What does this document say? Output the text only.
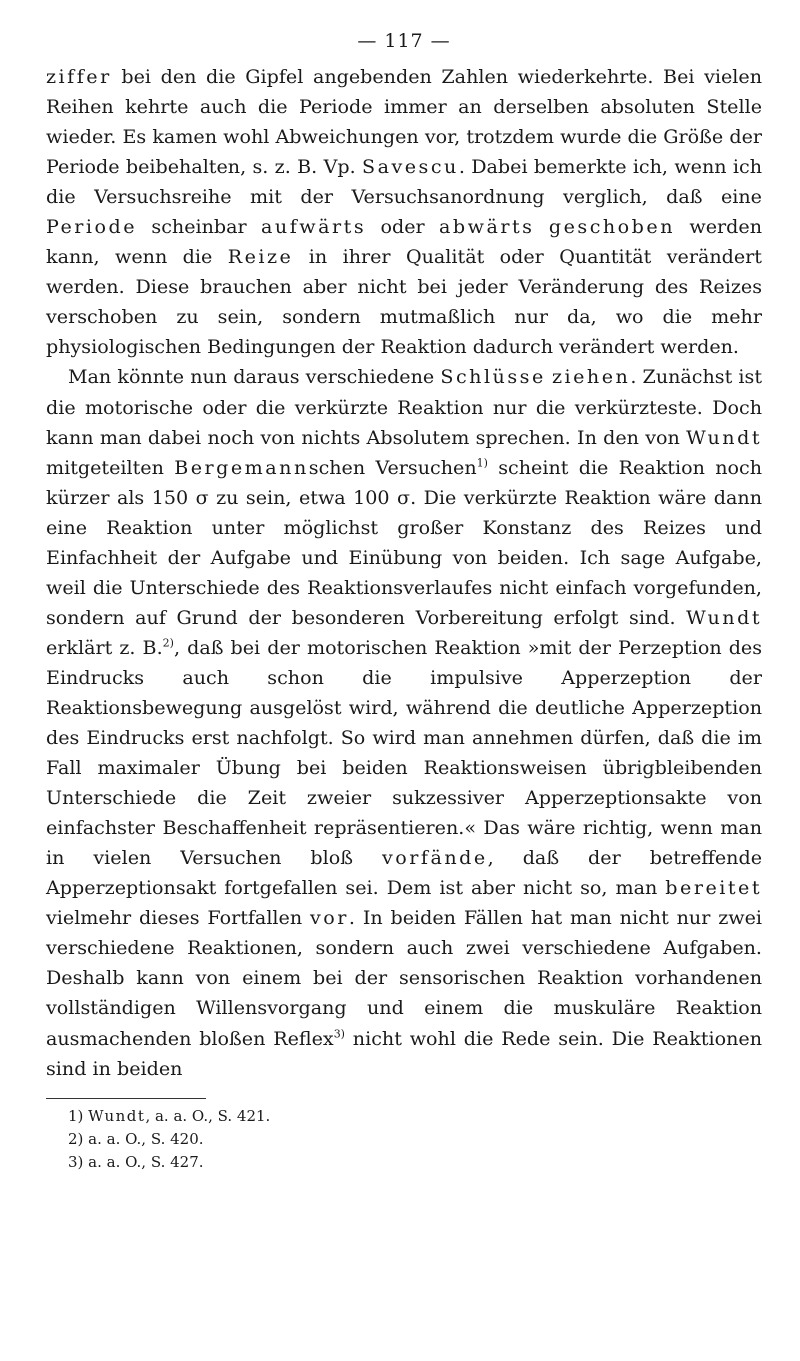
— 117 —

ziffer bei den die Gipfel angebenden Zahlen wiederkehrte. Bei vielen Reihen kehrte auch die Periode immer an derselben absoluten Stelle wieder. Es kamen wohl Abweichungen vor, trotzdem wurde die Größe der Periode beibehalten, s. z. B. Vp. Savescu. Dabei bemerkte ich, wenn ich die Versuchsreihe mit der Versuchsanordnung verglich, daß eine Periode scheinbar aufwärts oder abwärts geschoben werden kann, wenn die Reize in ihrer Qualität oder Quantität verändert werden. Diese brauchen aber nicht bei jeder Veränderung des Reizes verschoben zu sein, sondern mutmaßlich nur da, wo die mehr physiologischen Bedingungen der Reaktion dadurch verändert werden.

Man könnte nun daraus verschiedene Schlüsse ziehen. Zunächst ist die motorische oder die verkürzte Reaktion nur die verkürzteste. Doch kann man dabei noch von nichts Absolutem sprechen. In den von Wundt mitgeteilten Bergemannschen Versuchen$^{1)}$ scheint die Reaktion noch kürzer als 150 σ zu sein, etwa 100 σ. Die verkürzte Reaktion wäre dann eine Reaktion unter möglichst großer Konstanz des Reizes und Einfachheit der Aufgabe und Einübung von beiden. Ich sage Aufgabe, weil die Unterschiede des Reaktionsverlaufes nicht einfach vorgefunden, sondern auf Grund der besonderen Vorbereitung erfolgt sind. Wundt erklärt z. B.$^{2)}$, daß bei der motorischen Reaktion »mit der Perzeption des Eindrucks auch schon die impulsive Apperzeption der Reaktionsbewegung ausgelöst wird, während die deutliche Apperzeption des Eindrucks erst nachfolgt. So wird man annehmen dürfen, daß die im Fall maximaler Übung bei beiden Reaktionsweisen übrigbleibenden Unterschiede die Zeit zweier sukzessiver Apperzeptionsakte von einfachster Beschaffenheit repräsentieren.« Das wäre richtig, wenn man in vielen Versuchen bloß vorfände, daß der betreffende Apperzeptionsakt fortgefallen sei. Dem ist aber nicht so, man bereitet vielmehr dieses Fortfallen vor. In beiden Fällen hat man nicht nur zwei verschiedene Reaktionen, sondern auch zwei verschiedene Aufgaben. Deshalb kann von einem bei der sensorischen Reaktion vorhandenen vollständigen Willensvorgang und einem die muskuläre Reaktion ausmachenden bloßen Reflex$^{3)}$ nicht wohl die Rede sein. Die Reaktionen sind in beiden

1) Wundt, a. a. O., S. 421.
2) a. a. O., S. 420.
3) a. a. O., S. 427.
